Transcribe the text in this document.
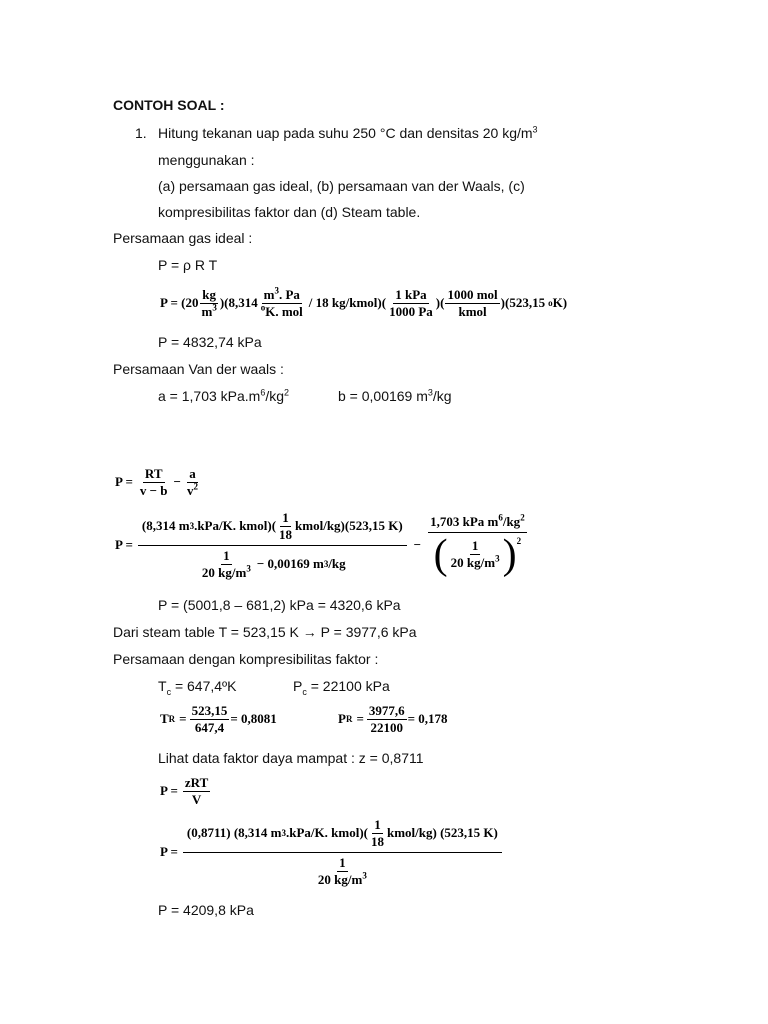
CONTOH SOAL :
1. Hitung tekanan uap pada suhu 250 °C dan densitas 20 $kg/m^3$
menggunakan :
(a) persamaan gas ideal, (b) persamaan van der Waals, (c)
kompresibilitas faktor dan (d) Steam table.
Persamaan gas ideal :
P = ρ R T
$P = (20 \frac{kg}{m^3} )(8,314 \frac{m^3. Pa}{^oK. mol} / 18$ kg/kmol)( $\frac{\text{1 kPa}}{1000 Pa}$ )( $\frac{\text{1000 mol}}{\text{kmol}} )(523,15$ o K)
P = 4832,74 kPa
Persamaan Van der waals :
a = 1,703 $kPa.m^6/kg^2$	b = 0,00169 $m^3/kg$
$P = \frac{RT}{v - b} - \frac{a}{v^2}$
$P = \frac{(8,314 m 3 .kPa/K. kmol)( \frac{1}{18} kmol/kg)(523,15 K)}{\frac{1}{20 kg/m^3} - 0,00169 m 3 /kg} - \frac{1,703 kPa m^6/kg^2}{( \frac{1}{20 kg/m^3} )^2}$
P = (5001,8 – 681,2) kPa = 4320,6 kPa
Dari steam table T = 523,15 K → P = 3977,6 kPa
Persamaan dengan kompresibilitas faktor :
$T_c$ = 647,4ºK	$P_c = 22100$ kPa
T $R = \frac{523,15}{647,4} = 0,8081$	P $R = \frac{3977,6}{22100} = 0,178$
Lihat data faktor daya mampat : z = 0,8711
$P = \frac{\text{zRT}}{V}$
P =
(0,8711) (8,314 m 3 .kPa/K. kmol)( $\frac{1}{18}$ kmol/kg) (523,15 K)
$\frac{1}{20 kg/m^3}$
P = 4209,8 kPa
